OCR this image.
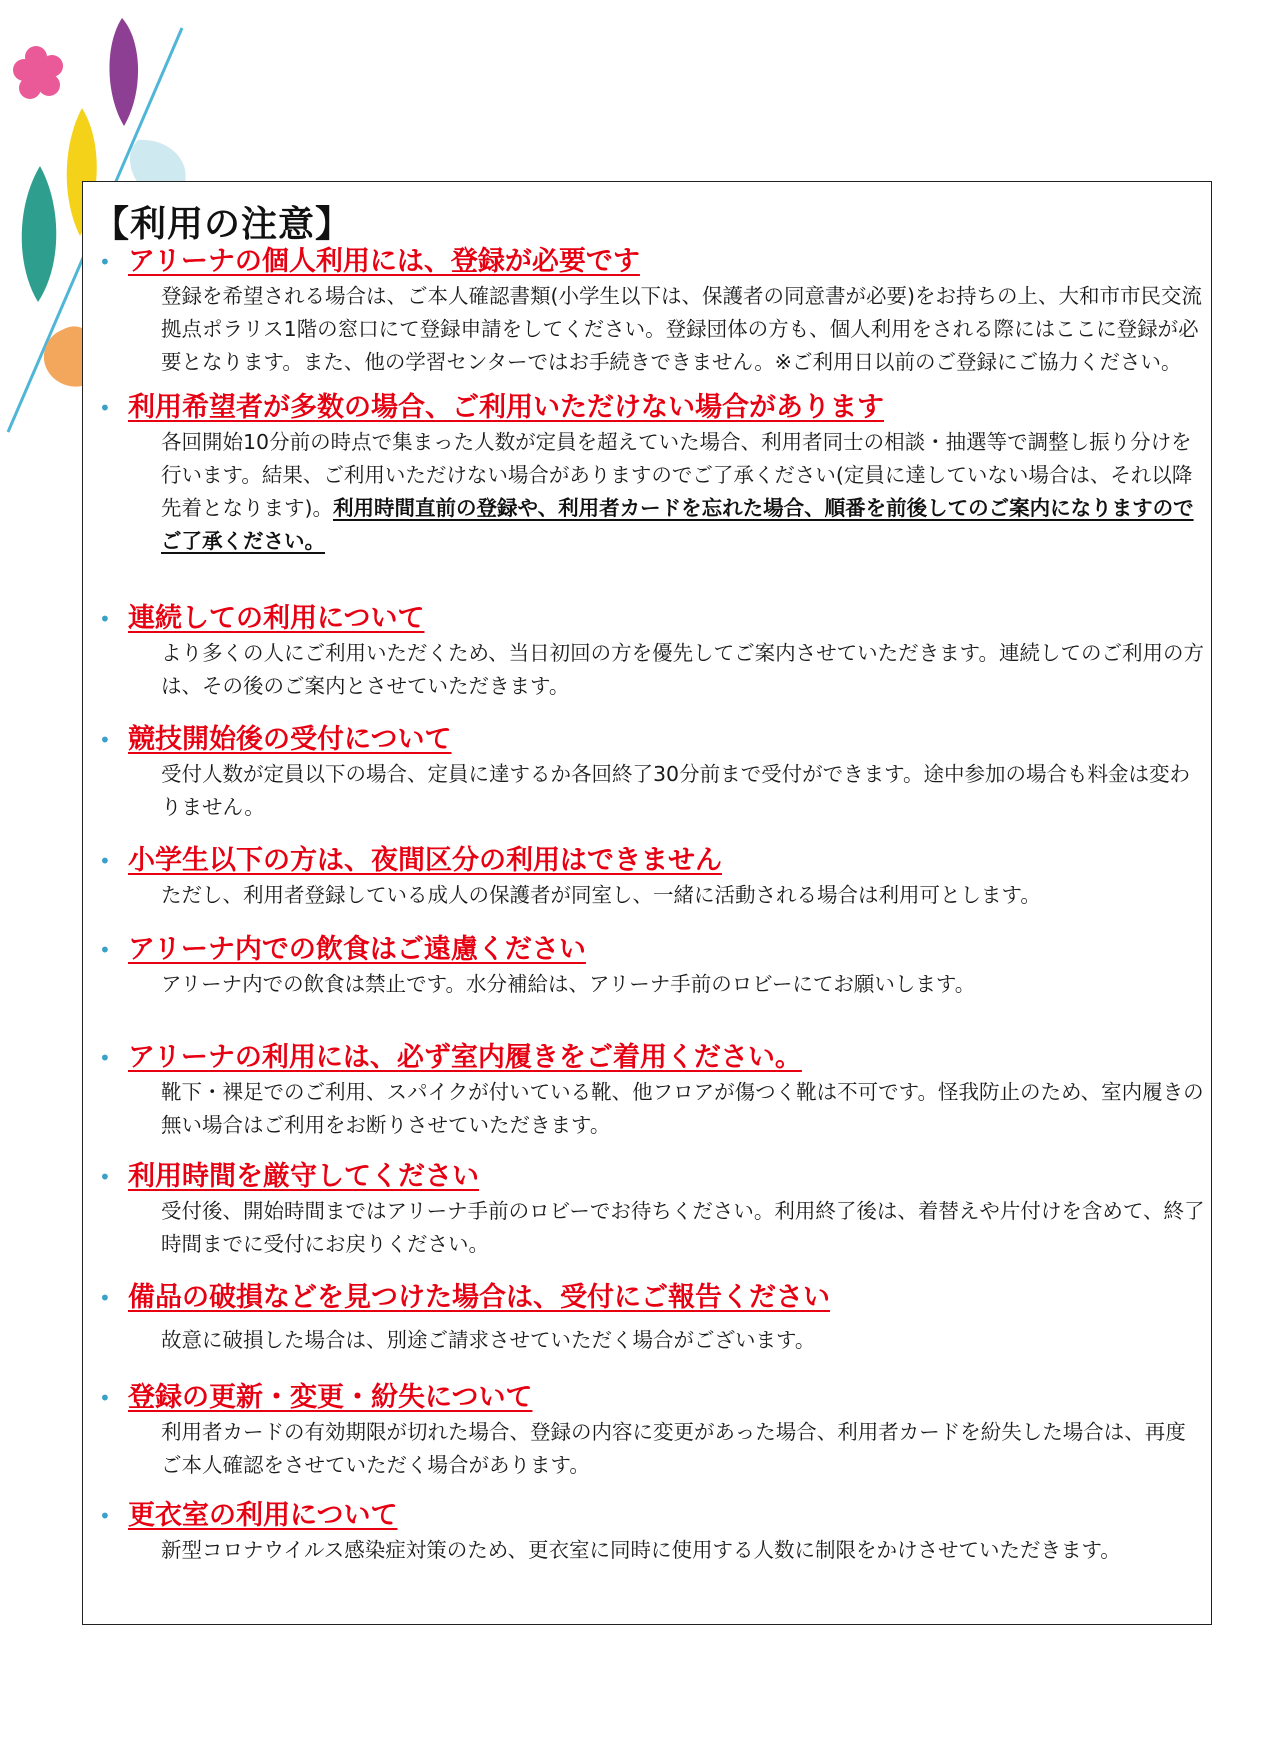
【利用の注意】
• アリーナの個人利用には、登録が必要です

登録を希望される場合は、ご本人確認書類(小学生以下は、保護者の同意書が必要)をお持ちの上、大和市市民交流拠点ポラリス1階の窓口にて登録申請をしてください。登録団体の方も、個人利用をされる際にはここに登録が必要となります。また、他の学習センターではお手続きできません。※ご利用日以前のご登録にご協力ください。

• 利用希望者が多数の場合、ご利用いただけない場合があります

各回開始10分前の時点で集まった人数が定員を超えていた場合、利用者同士の相談・抽選等で調整し振り分けを行います。結果、ご利用いただけない場合がありますのでご了承ください(定員に達していない場合は、それ以降先着となります)。利用時間直前の登録や、利用者カードを忘れた場合、順番を前後してのご案内になりますのでご了承ください。

• 連続しての利用について

より多くの人にご利用いただくため、当日初回の方を優先してご案内させていただきます。連続してのご利用の方は、その後のご案内とさせていただきます。

• 競技開始後の受付について

受付人数が定員以下の場合、定員に達するか各回終了30分前まで受付ができます。途中参加の場合も料金は変わりません。

• 小学生以下の方は、夜間区分の利用はできません

ただし、利用者登録している成人の保護者が同室し、一緒に活動される場合は利用可とします。

• アリーナ内での飲食はご遠慮ください

アリーナ内での飲食は禁止です。水分補給は、アリーナ手前のロビーにてお願いします。

• アリーナの利用には、必ず室内履きをご着用ください。

靴下・裸足でのご利用、スパイクが付いている靴、他フロアが傷つく靴は不可です。怪我防止のため、室内履きの無い場合はご利用をお断りさせていただきます。

• 利用時間を厳守してください

受付後、開始時間まではアリーナ手前のロビーでお待ちください。利用終了後は、着替えや片付けを含めて、終了時間までに受付にお戻りください。

• 備品の破損などを見つけた場合は、受付にご報告ください

故意に破損した場合は、別途ご請求させていただく場合がございます。

• 登録の更新・変更・紛失について

利用者カードの有効期限が切れた場合、登録の内容に変更があった場合、利用者カードを紛失した場合は、再度ご本人確認をさせていただく場合があります。

• 更衣室の利用について

新型コロナウイルス感染症対策のため、更衣室に同時に使用する人数に制限をかけさせていただきます。
